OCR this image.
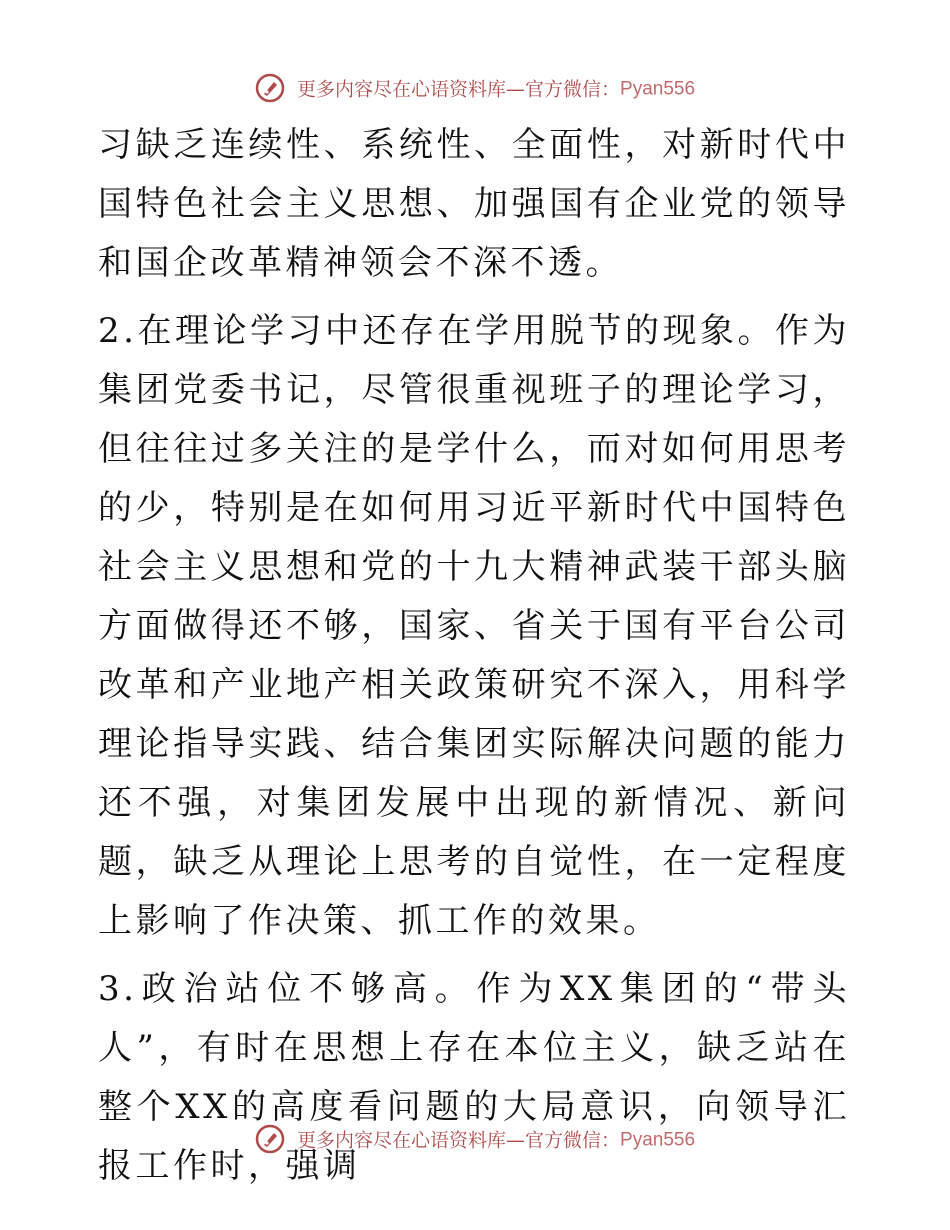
更多内容尽在心语资料库—官方微信：Pyan556

习缺乏连续性、系统性、全面性，对新时代中国特色社会主义思想、加强国有企业党的领导和国企改革精神领会不深不透。

2.在理论学习中还存在学用脱节的现象。作为集团党委书记，尽管很重视班子的理论学习，但往往过多关注的是学什么，而对如何用思考的少，特别是在如何用习近平新时代中国特色社会主义思想和党的十九大精神武装干部头脑方面做得还不够，国家、省关于国有平台公司改革和产业地产相关政策研究不深入，用科学理论指导实践、结合集团实际解决问题的能力还不强，对集团发展中出现的新情况、新问题，缺乏从理论上思考的自觉性，在一定程度上影响了作决策、抓工作的效果。

3.政治站位不够高。作为XX集团的“带头人”，有时在思想上存在本位主义，缺乏站在整个XX的高度看问题的大局意识，向领导汇报工作时，强调

更多内容尽在心语资料库—官方微信：Pyan556
